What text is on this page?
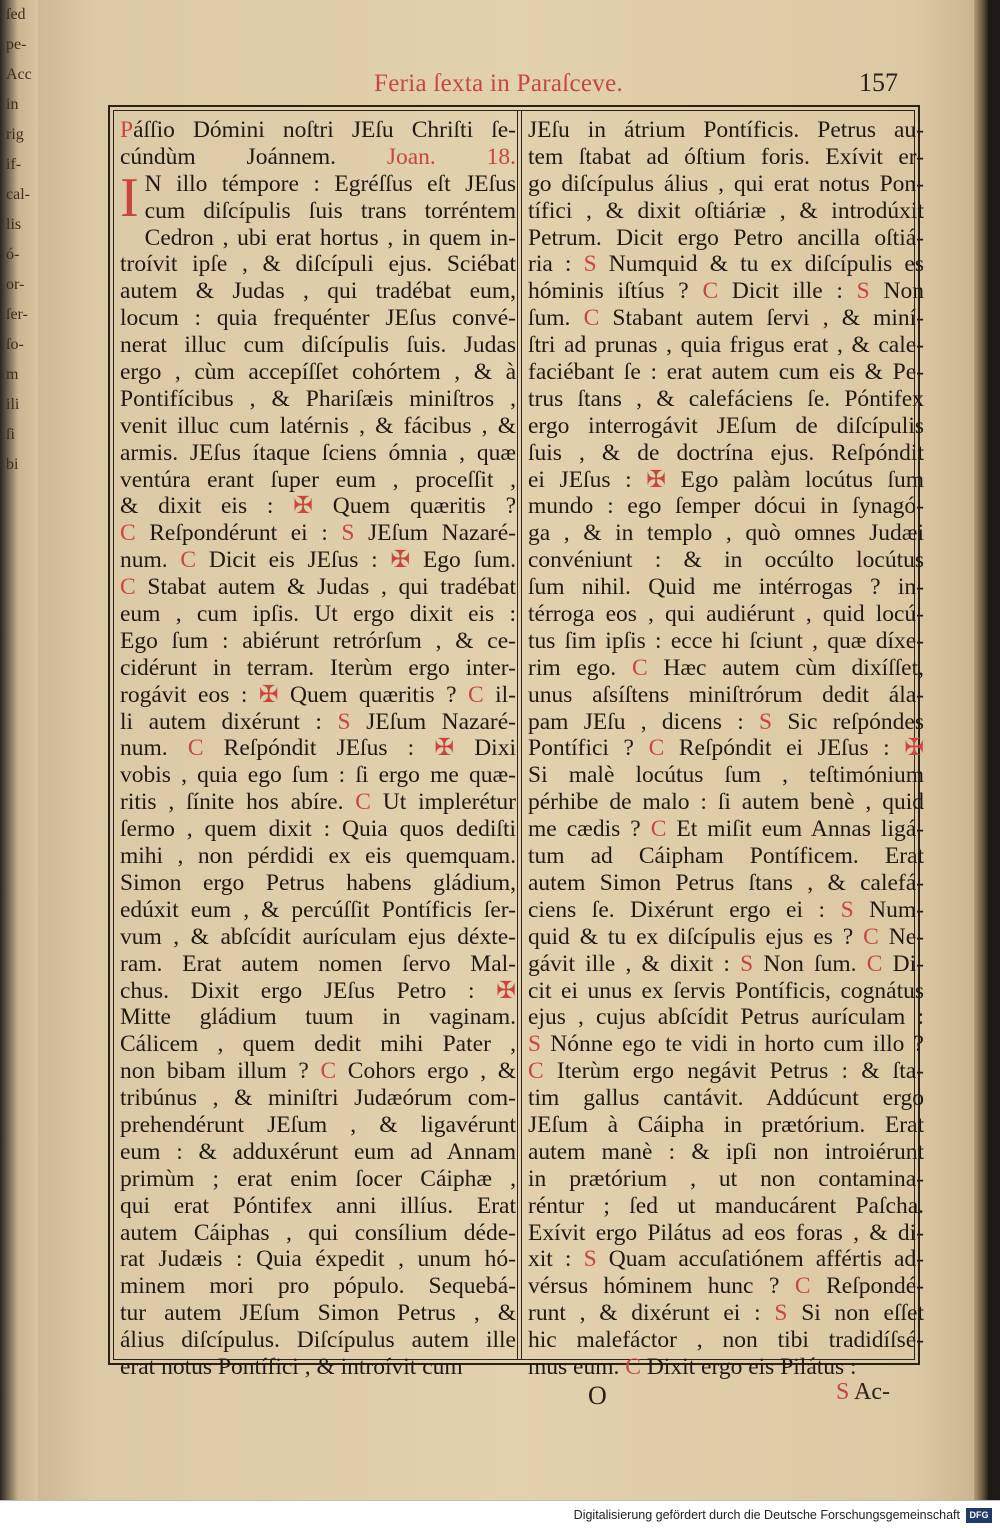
ſed
pe-
Acc
in
rig
if-
cal-
lis
ó-
or-
ſer-
ſo-
m
ili
ſi
bi
Feria ſexta in Paraſceve.	157
Páſſio Dómini noſtri JEſu Chriſti ſe-
cúndùm Joánnem. Joan. 18.
I N illo témpore : Egréſſus eſt JEſus
cum diſcípulis ſuis trans torréntem
Cedron , ubi erat hortus , in quem in-
troívit ipſe , & diſcípuli ejus. Sciébat
autem & Judas , qui tradébat eum,
locum : quia frequénter JEſus convé-
nerat illuc cum diſcípulis ſuis. Judas
ergo , cùm accepíſſet cohórtem , & à
Pontifícibus , & Phariſæis miniſtros ,
venit illuc cum latérnis , & fácibus , &
armis. JEſus ítaque ſciens ómnia , quæ
ventúra erant ſuper eum , proceſſit ,
& dixit eis : ✠ Quem quæritis ?
C Reſpondérunt ei : S JEſum Nazaré-
num. C Dicit eis JEſus : ✠ Ego ſum.
C Stabat autem & Judas , qui tradébat
eum , cum ipſis. Ut ergo dixit eis :
Ego ſum : abiérunt retrórſum , & ce-
cidérunt in terram. Iterùm ergo inter-
rogávit eos : ✠ Quem quæritis ? C il-
li autem dixérunt : S JEſum Nazaré-
num. C Reſpóndit JEſus : ✠ Dixi
vobis , quia ego ſum : ſi ergo me quæ-
ritis , ſínite hos abíre. C Ut implerétur
ſermo , quem dixit : Quia quos dediſti
mihi , non pérdidi ex eis quemquam.
Simon ergo Petrus habens gládium,
edúxit eum , & percúſſit Pontíficis ſer-
vum , & abſcídit aurículam ejus déxte-
ram. Erat autem nomen ſervo Mal-
chus. Dixit ergo JEſus Petro : ✠
Mitte gládium tuum in vaginam.
Cálicem , quem dedit mihi Pater ,
non bibam illum ? C Cohors ergo , &
tribúnus , & miniſtri Judæórum com-
prehendérunt JEſum , & ligavérunt
eum : & adduxérunt eum ad Annam
primùm ; erat enim ſocer Cáiphæ ,
qui erat Póntifex anni illíus. Erat
autem Cáiphas , qui consílium déde-
rat Judæis : Quia éxpedit , unum hó-
minem mori pro pópulo. Sequebá-
tur autem JEſum Simon Petrus , &
álius diſcípulus. Diſcípulus autem ille
erat notus Pontífici , & introívit cum
JEſu in átrium Pontíficis. Petrus au-
tem ſtabat ad óſtium foris. Exívit er-
go diſcípulus álius , qui erat notus Pon-
tífici , & dixit oſtiáriæ , & introdúxit
Petrum. Dicit ergo Petro ancilla oſtiá-
ria : S Numquid & tu ex diſcípulis es
hóminis iſtíus ? C Dicit ille : S Non
ſum. C Stabant autem ſervi , & miní-
ſtri ad prunas , quia frigus erat , & cale-
faciébant ſe : erat autem cum eis & Pe-
trus ſtans , & calefáciens ſe. Póntifex
ergo interrogávit JEſum de diſcípulis
ſuis , & de doctrína ejus. Reſpóndit
ei JEſus : ✠ Ego palàm locútus ſum
mundo : ego ſemper dócui in ſynagó-
ga , & in templo , quò omnes Judæi
convéniunt : & in occúlto locútus
ſum nihil. Quid me intérrogas ? in-
térroga eos , qui audiérunt , quid locú-
tus ſim ipſis : ecce hi ſciunt , quæ díxe-
rim ego. C Hæc autem cùm dixíſſet,
unus aſsíſtens miniſtrórum dedit ála-
pam JEſu , dicens : S Sic reſpóndes
Pontífici ? C Reſpóndit ei JEſus : ✠
Si malè locútus ſum , teſtimónium
pérhibe de malo : ſi autem benè , quid
me cædis ? C Et miſit eum Annas ligá-
tum ad Cáipham Pontíficem. Erat
autem Simon Petrus ſtans , & calefá-
ciens ſe. Dixérunt ergo ei : S Num-
quid & tu ex diſcípulis ejus es ? C Ne-
gávit ille , & dixit : S Non ſum. C Di-
cit ei unus ex ſervis Pontíficis, cognátus
ejus , cujus abſcídit Petrus aurículam :
S Nónne ego te vidi in horto cum illo ?
C Iterùm ergo negávit Petrus : & ſta-
tim gallus cantávit. Addúcunt ergo
JEſum à Cáipha in prætórium. Erat
autem manè : & ipſi non introiérunt
in prætórium , ut non contamina-
réntur ; ſed ut manducárent Paſcha.
Exívit ergo Pilátus ad eos foras , & di-
xit : S Quam accuſatiónem affértis ad-
vérsus hóminem hunc ? C Reſpondé-
runt , & dixérunt ei : S Si non eſſet
hic malefáctor , non tibi tradidíſsé-
mus eum. C Dixit ergo eis Pilátus :
O	S Ac-
Digitalisierung gefördert durch die Deutsche Forschungsgemeinschaft	DFG
